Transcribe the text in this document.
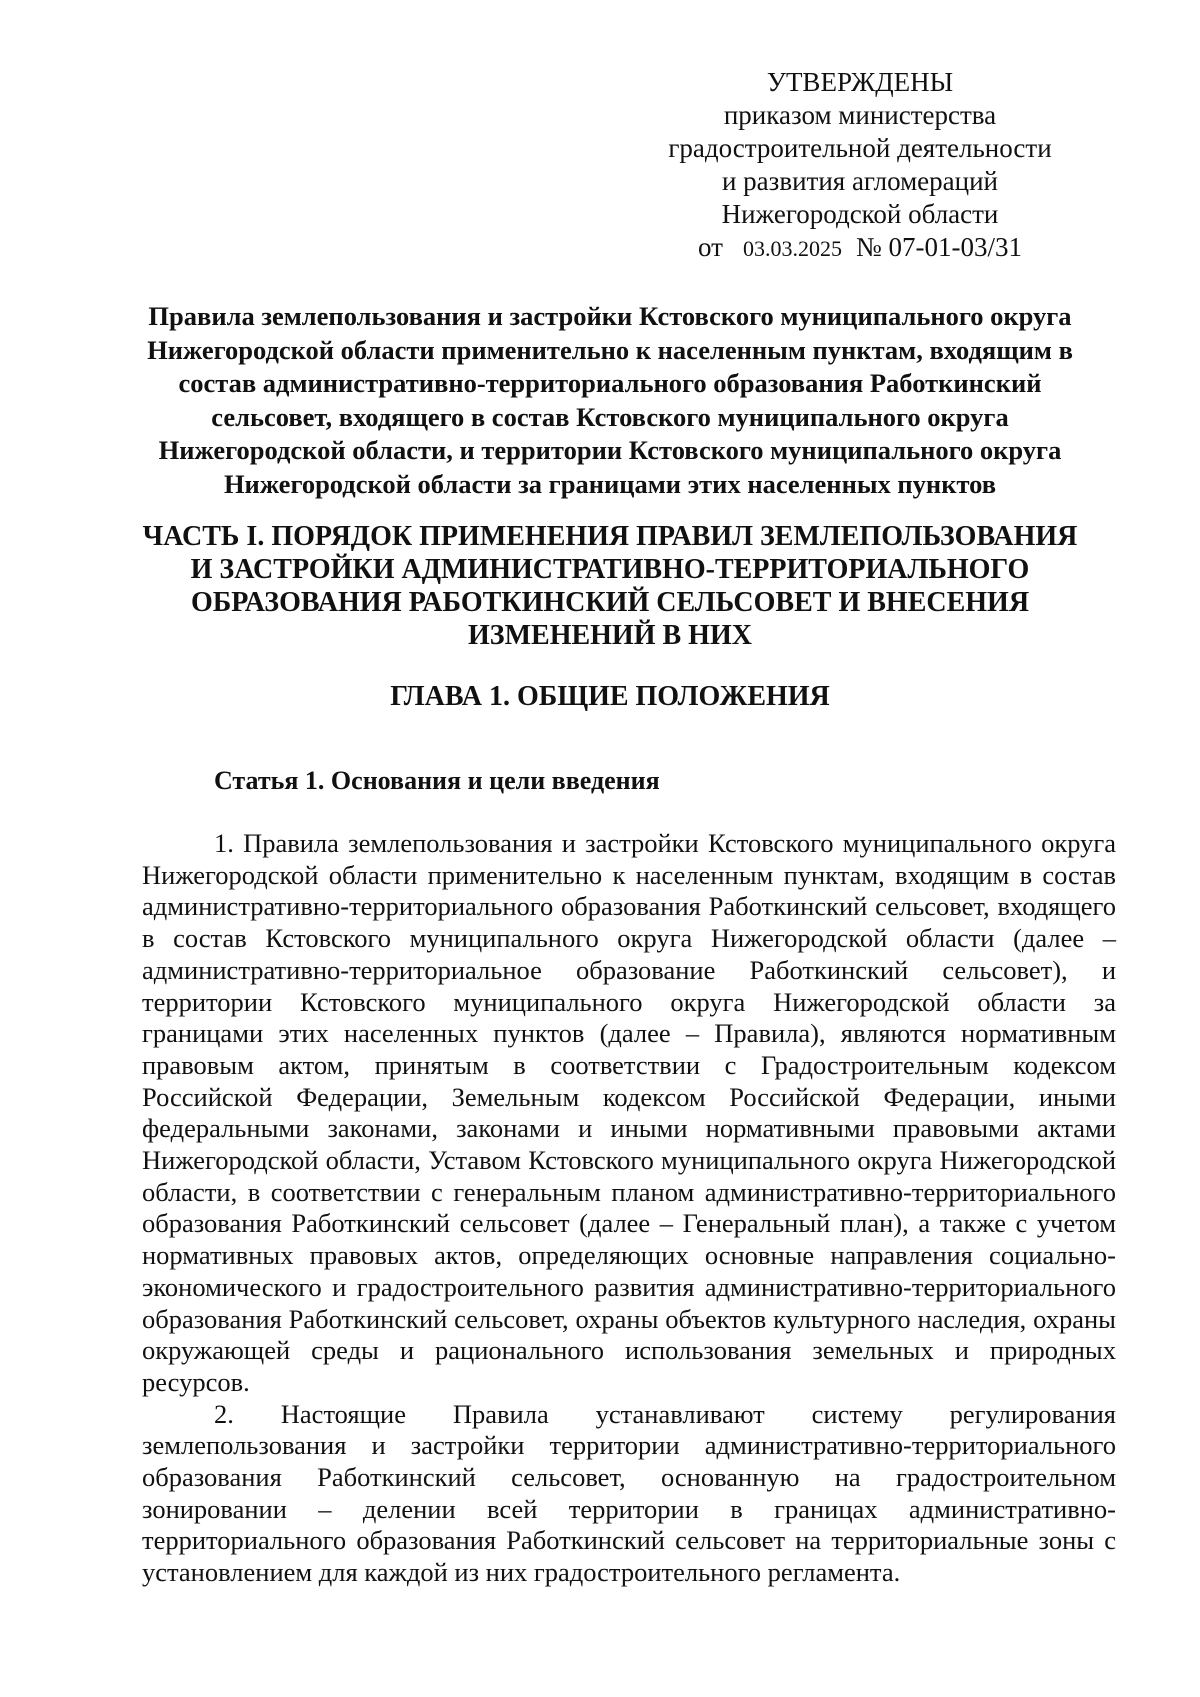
УТВЕРЖДЕНЫ
приказом министерства
градостроительной деятельности
и развития агломераций
Нижегородской области
от 03.03.2025 № 07-01-03/31
Правила землепользования и застройки Кстовского муниципального округа Нижегородской области применительно к населенным пунктам, входящим в состав административно-территориального образования Работкинский сельсовет, входящего в состав Кстовского муниципального округа Нижегородской области, и территории Кстовского муниципального округа Нижегородской области за границами этих населенных пунктов
ЧАСТЬ I. ПОРЯДОК ПРИМЕНЕНИЯ ПРАВИЛ ЗЕМЛЕПОЛЬЗОВАНИЯ И ЗАСТРОЙКИ АДМИНИСТРАТИВНО-ТЕРРИТОРИАЛЬНОГО ОБРАЗОВАНИЯ РАБОТКИНСКИЙ СЕЛЬСОВЕТ И ВНЕСЕНИЯ ИЗМЕНЕНИЙ В НИХ
ГЛАВА 1. ОБЩИЕ ПОЛОЖЕНИЯ
Статья 1. Основания и цели введения

1. Правила землепользования и застройки Кстовского муниципального округа Нижегородской области применительно к населенным пунктам, входящим в состав административно-территориального образования Работкинский сельсовет, входящего в состав Кстовского муниципального округа Нижегородской области (далее – административно-территориальное образование Работкинский сельсовет), и территории Кстовского муниципального округа Нижегородской области за границами этих населенных пунктов (далее – Правила), являются нормативным правовым актом, принятым в соответствии с Градостроительным кодексом Российской Федерации, Земельным кодексом Российской Федерации, иными федеральными законами, законами и иными нормативными правовыми актами Нижегородской области, Уставом Кстовского муниципального округа Нижегородской области, в соответствии с генеральным планом административно-территориального образования Работкинский сельсовет (далее – Генеральный план), а также с учетом нормативных правовых актов, определяющих основные направления социально-экономического и градостроительного развития административно-территориального образования Работкинский сельсовет, охраны объектов культурного наследия, охраны окружающей среды и рационального использования земельных и природных ресурсов.

2. Настоящие Правила устанавливают систему регулирования землепользования и застройки территории административно-территориального образования Работкинский сельсовет, основанную на градостроительном зонировании – делении всей территории в границах административно-территориального образования Работкинский сельсовет на территориальные зоны с установлением для каждой из них градостроительного регламента.
